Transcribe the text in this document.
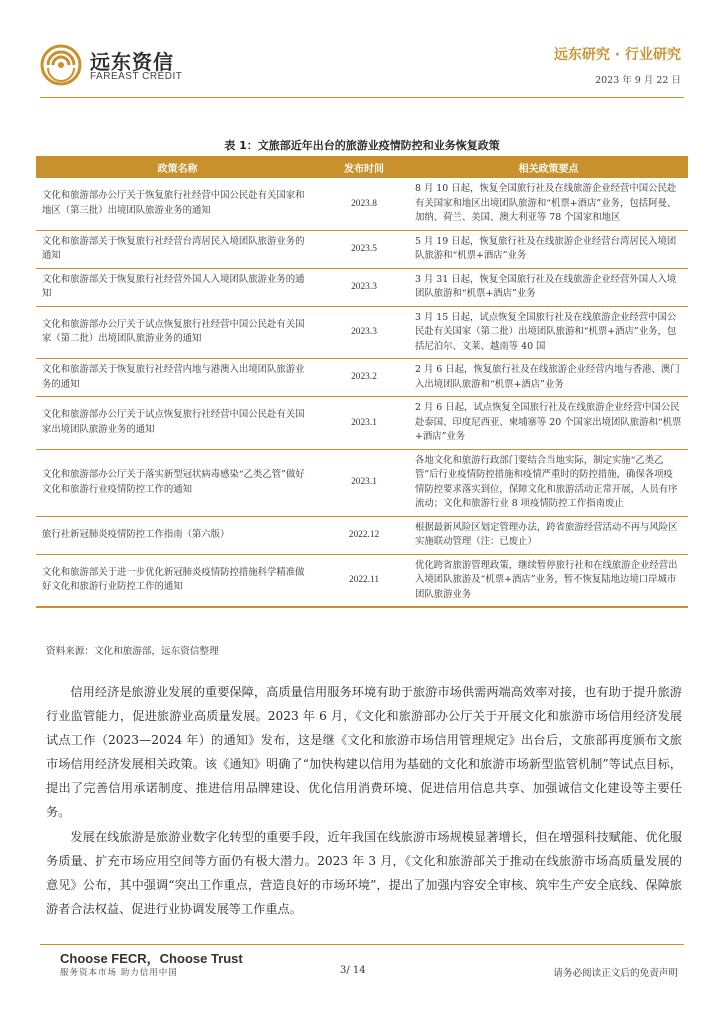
远东资信
FAREAST CREDIT
远东研究 · 行业研究
2023 年 9 月 22 日
表 1：文旅部近年出台的旅游业疫情防控和业务恢复政策
政策名称	发布时间	相关政策要点
文化和旅游部办公厅关于恢复旅行社经营中国公民赴有关国家和地区（第三批）出境团队旅游业务的通知	2023.8	8 月 10 日起，恢复全国旅行社及在线旅游企业经营中国公民赴有关国家和地区出境团队旅游和“机票+酒店”业务，包括阿曼、加纳、荷兰、美国、澳大利亚等 78 个国家和地区
文化和旅游部关于恢复旅行社经营台湾居民入境团队旅游业务的通知	2023.5	5 月 19 日起，恢复旅行社及在线旅游企业经营台湾居民入境团队旅游和“机票+酒店”业务
文化和旅游部关于恢复旅行社经营外国人入境团队旅游业务的通知	2023.3	3 月 31 日起，恢复全国旅行社及在线旅游企业经营外国人入境团队旅游和“机票+酒店”业务
文化和旅游部办公厅关于试点恢复旅行社经营中国公民赴有关国家（第二批）出境团队旅游业务的通知	2023.3	3 月 15 日起，试点恢复全国旅行社及在线旅游企业经营中国公民赴有关国家（第二批）出境团队旅游和“机票+酒店”业务，包括尼泊尔、文莱、越南等 40 国
文化和旅游部关于恢复旅行社经营内地与港澳入出境团队旅游业务的通知	2023.2	2 月 6 日起，恢复旅行社及在线旅游企业经营内地与香港、澳门入出境团队旅游和“机票+酒店”业务
文化和旅游部办公厅关于试点恢复旅行社经营中国公民赴有关国家出境团队旅游业务的通知	2023.1	2 月 6 日起，试点恢复全国旅行社及在线旅游企业经营中国公民赴泰国、印度尼西亚、柬埔寨等 20 个国家出境团队旅游和“机票+酒店”业务
文化和旅游部办公厅关于落实新型冠状病毒感染“乙类乙管”做好文化和旅游行业疫情防控工作的通知	2023.1	各地文化和旅游行政部门要结合当地实际，制定实施“乙类乙管”后行业疫情防控措施和疫情严重时的防控措施，确保各项疫情防控要求落实到位，保障文化和旅游活动正常开展，人员有序流动；文化和旅游行业 8 项疫情防控工作指南废止
旅行社新冠肺炎疫情防控工作指南（第六版）	2022.12	根据最新风险区划定管理办法，跨省旅游经营活动不再与风险区实施联动管理（注：已废止）
文化和旅游部关于进一步优化新冠肺炎疫情防控措施科学精准做好文化和旅游行业防控工作的通知	2022.11	优化跨省旅游管理政策，继续暂停旅行社和在线旅游企业经营出入境团队旅游及“机票+酒店”业务，暂不恢复陆地边境口岸城市团队旅游业务
资料来源：文化和旅游部，远东资信整理

信用经济是旅游业发展的重要保障，高质量信用服务环境有助于旅游市场供需两端高效率对接，也有助于提升旅游行业监管能力，促进旅游业高质量发展。2023 年 6 月，《文化和旅游部办公厅关于开展文化和旅游市场信用经济发展试点工作（2023—2024 年）的通知》发布，这是继《文化和旅游市场信用管理规定》出台后，文旅部再度颁布文旅市场信用经济发展相关政策。该《通知》明确了“加快构建以信用为基础的文化和旅游市场新型监管机制”等试点目标，提出了完善信用承诺制度、推进信用品牌建设、优化信用消费环境、促进信用信息共享、加强诚信文化建设等主要任务。

发展在线旅游是旅游业数字化转型的重要手段，近年我国在线旅游市场规模显著增长，但在增强科技赋能、优化服务质量、扩充市场应用空间等方面仍有极大潜力。2023 年 3 月，《文化和旅游部关于推动在线旅游市场高质量发展的意见》公布，其中强调“突出工作重点，营造良好的市场环境”，提出了加强内容安全审核、筑牢生产安全底线、保障旅游者合法权益、促进行业协调发展等工作重点。

Choose FECR，Choose Trust
服务资本市场 助力信用中国	3/ 14	请务必阅读正文后的免责声明
